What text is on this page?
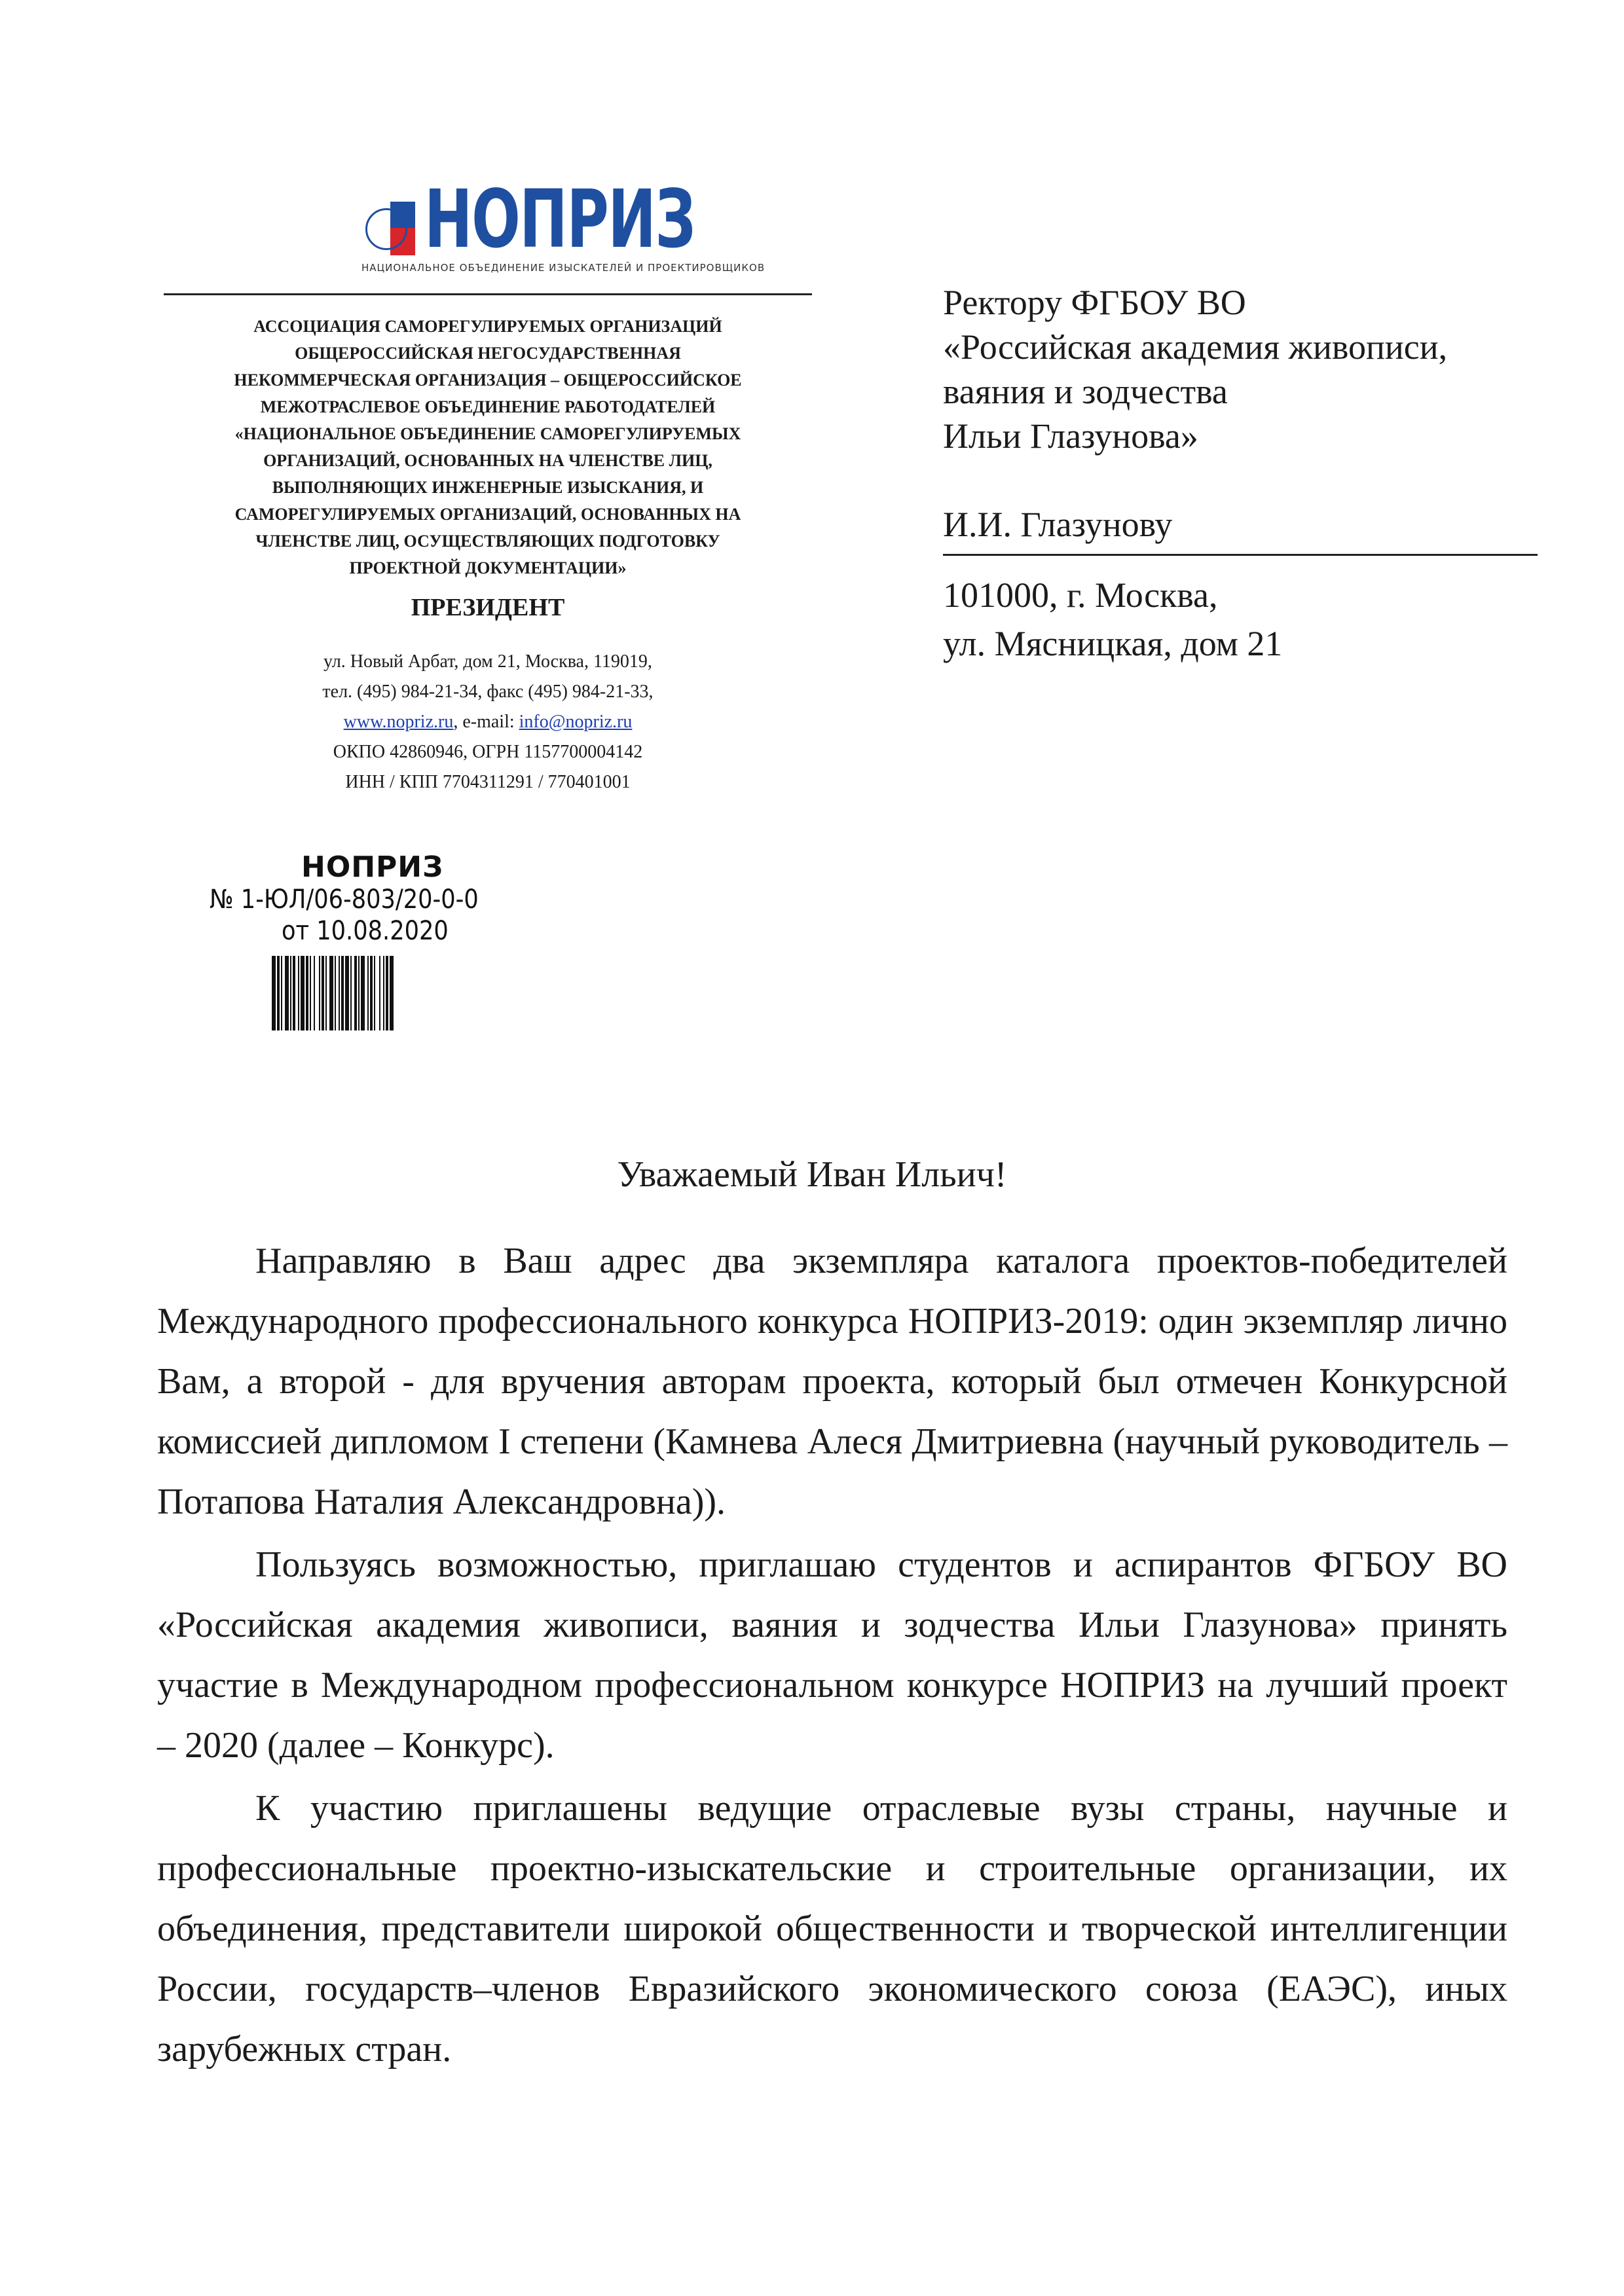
НОПРИЗ
НАЦИОНАЛЬНОЕ ОБЪЕДИНЕНИЕ ИЗЫСКАТЕЛЕЙ И ПРОЕКТИРОВЩИКОВ
АССОЦИАЦИЯ САМОРЕГУЛИРУЕМЫХ ОРГАНИЗАЦИЙ
ОБЩЕРОССИЙСКАЯ НЕГОСУДАРСТВЕННАЯ
НЕКОММЕРЧЕСКАЯ ОРГАНИЗАЦИЯ – ОБЩЕРОССИЙСКОЕ
МЕЖОТРАСЛЕВОЕ ОБЪЕДИНЕНИЕ РАБОТОДАТЕЛЕЙ
«НАЦИОНАЛЬНОЕ ОБЪЕДИНЕНИЕ САМОРЕГУЛИРУЕМЫХ
ОРГАНИЗАЦИЙ, ОСНОВАННЫХ НА ЧЛЕНСТВЕ ЛИЦ,
ВЫПОЛНЯЮЩИХ ИНЖЕНЕРНЫЕ ИЗЫСКАНИЯ, И
САМОРЕГУЛИРУЕМЫХ ОРГАНИЗАЦИЙ, ОСНОВАННЫХ НА
ЧЛЕНСТВЕ ЛИЦ, ОСУЩЕСТВЛЯЮЩИХ ПОДГОТОВКУ
ПРОЕКТНОЙ ДОКУМЕНТАЦИИ»
ПРЕЗИДЕНТ
ул. Новый Арбат, дом 21, Москва, 119019,
тел. (495) 984-21-34, факс (495) 984-21-33,
www.nopriz.ru, e-mail: info@nopriz.ru
ОКПО 42860946, ОГРН 1157700004142
ИНН / КПП 7704311291 / 770401001
НОПРИЗ
№ 1-ЮЛ/06-803/20-0-0
от 10.08.2020
Ректору ФГБОУ ВО
«Российская академия живописи,
ваяния и зодчества
Ильи Глазунова»
И.И. Глазунову
101000, г. Москва,
ул. Мясницкая, дом 21
Уважаемый Иван Ильич!

Направляю в Ваш адрес два экземпляра каталога проектов-победителей Международного профессионального конкурса НОПРИЗ-2019: один экземпляр лично Вам, а второй - для вручения авторам проекта, который был отмечен Конкурсной комиссией дипломом I степени (Камнева Алеся Дмитриевна (научный руководитель – Потапова Наталия Александровна)).

Пользуясь возможностью, приглашаю студентов и аспирантов ФГБОУ ВО «Российская академия живописи, ваяния и зодчества Ильи Глазунова» принять участие в Международном профессиональном конкурсе НОПРИЗ на лучший проект – 2020 (далее – Конкурс).

К участию приглашены ведущие отраслевые вузы страны, научные и профессиональные проектно-изыскательские и строительные организации, их объединения, представители широкой общественности и творческой интеллигенции России, государств–членов Евразийского экономического союза (ЕАЭС), иных зарубежных стран.
